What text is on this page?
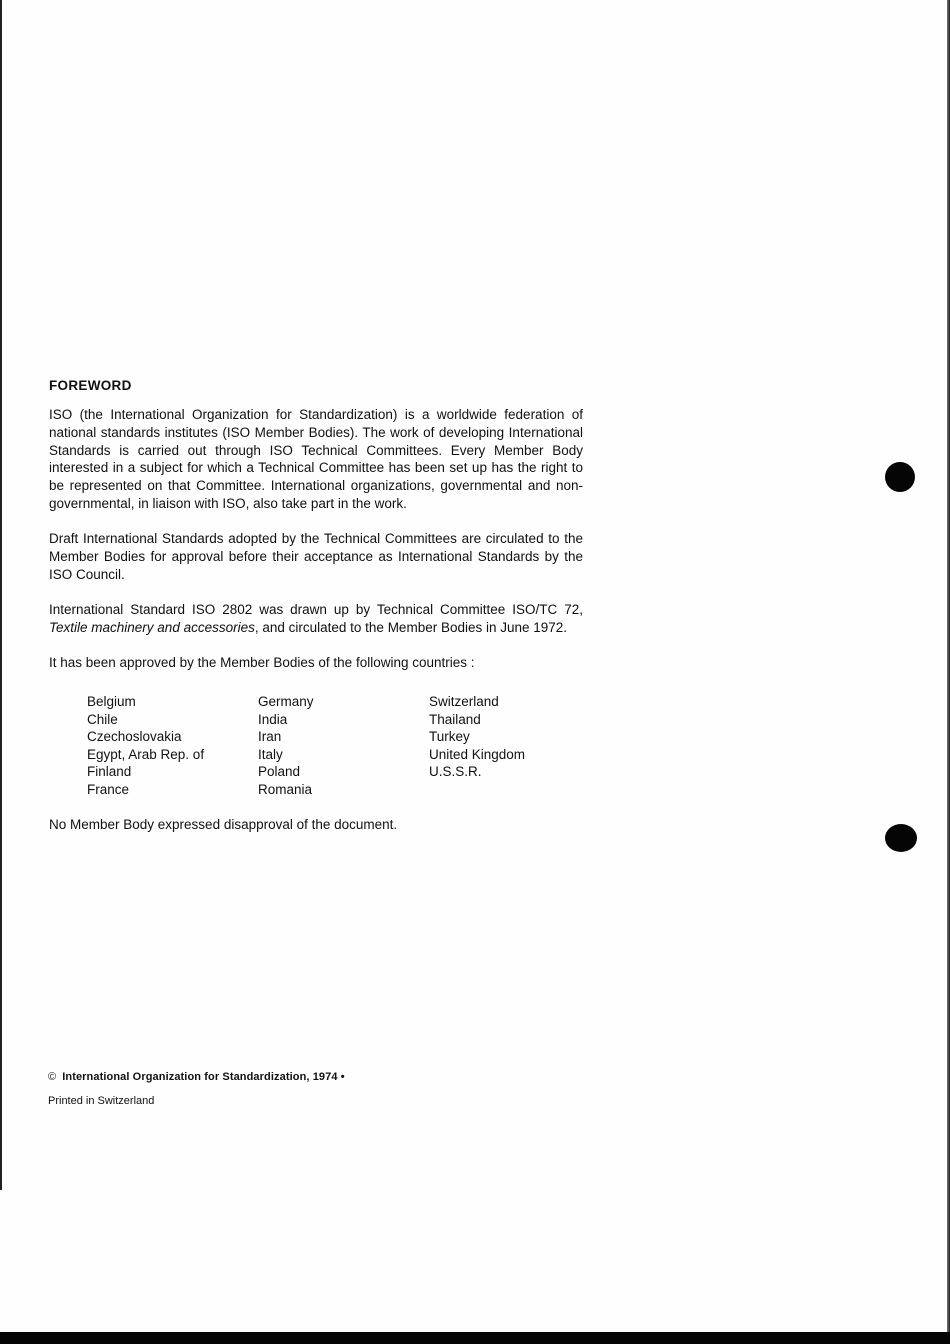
FOREWORD

ISO (the International Organization for Standardization) is a worldwide federation of national standards institutes (ISO Member Bodies). The work of developing International Standards is carried out through ISO Technical Committees. Every Member Body interested in a subject for which a Technical Committee has been set up has the right to be represented on that Committee. International organizations, governmental and non-governmental, in liaison with ISO, also take part in the work.

Draft International Standards adopted by the Technical Committees are circulated to the Member Bodies for approval before their acceptance as International Standards by the ISO Council.

International Standard ISO 2802 was drawn up by Technical Committee ISO/TC 72, Textile machinery and accessories, and circulated to the Member Bodies in June 1972.

It has been approved by the Member Bodies of the following countries :

Belgium
Chile
Czechoslovakia
Egypt, Arab Rep. of
Finland
France
Germany
India
Iran
Italy
Poland
Romania
Switzerland
Thailand
Turkey
United Kingdom
U.S.S.R.

No Member Body expressed disapproval of the document.

© International Organization for Standardization, 1974 •
Printed in Switzerland
